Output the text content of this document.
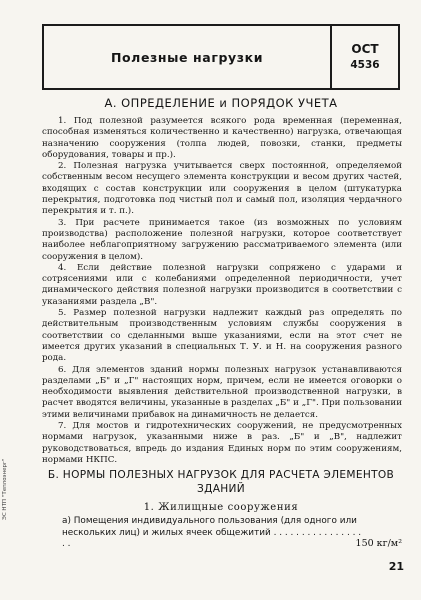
Полезные нагрузки
ОСТ
4536
А. ОПРЕДЕЛЕНИЕ и ПОРЯДОК УЧЕТА

1. Под полезной разумеется всякого рода временная (переменная, способная изменяться количественно и качественно) нагрузка, отвечающая назначению сооружения (толпа людей, повозки, станки, предметы оборудования, товары и пр.).

2. Полезная нагрузка учитывается сверх постоянной, определяемой собственным весом несущего элемента конструкции и весом других частей, входящих с состав конструкции или сооружения в целом (штукатурка перекрытия, подготовка под чистый пол и самый пол, изоляция чердачного перекрытия и т. п.).

3. При расчете принимается такое (из возможных по условиям производства) расположение полезной нагрузки, которое соответствует наиболее неблагоприятному загружению рассматриваемого элемента (или сооружения в целом).

4. Если действие полезной нагрузки сопряжено с ударами и сотрясениями или с колебаниями определенной периодичности, учет динамического действия полезной нагрузки производится в соответствии с указаниями раздела „В".

5. Размер полезной нагрузки надлежит каждый раз определять по действительным производственным условиям службы сооружения в соответствии со сделанными выше указаниями, если на этот счет не имеется других указаний в специальных Т. У. и Н. на сооружения разного рода.

6. Для элементов зданий нормы полезных нагрузок устанавливаются разделами „Б" и „Г" настоящих норм, причем, если не имеется оговорки о необходимости выявления действительной производственной нагрузки, в расчет вводятся величины, указанные в разделах „Б" и „Г". При пользовании этими величинами прибавок на динамичность не делается.

7. Для мостов и гидротехнических сооружений, не предусмотренных нормами нагрузок, указанными ниже в раз. „Б" и „В", надлежит руководствоваться, впредь до издания Единых норм по этим сооружениям, нормами НКПС.

Б. НОРМЫ ПОЛЕЗНЫХ НАГРУЗОК ДЛЯ РАСЧЕТА ЭЛЕМЕНТОВ ЗДАНИЙ
1. Жилищные сооружения
а) Помещения индивидуального пользования (для одного или нескольких лиц) и жилых ячеек общежитий . . . . . . . . . . . . . . . . . .	150 кг/м²
21
ЭС НТП "Теплоэнерг"
